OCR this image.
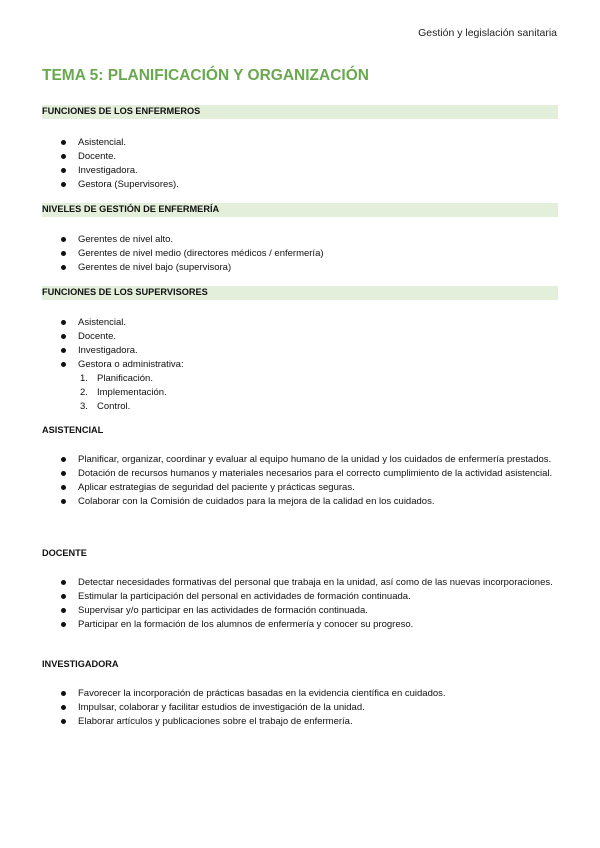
Gestión y legislación sanitaria
TEMA 5: PLANIFICACIÓN Y ORGANIZACIÓN
FUNCIONES DE LOS ENFERMEROS
Asistencial.
Docente.
Investigadora.
Gestora (Supervisores).
NIVELES DE GESTIÓN DE ENFERMERÍA
Gerentes de nivel alto.
Gerentes de nivel medio (directores médicos / enfermería)
Gerentes de nivel bajo (supervisora)
FUNCIONES DE LOS SUPERVISORES
Asistencial.
Docente.
Investigadora.
Gestora o administrativa:
1. Planificación.
2. Implementación.
3. Control.
ASISTENCIAL
Planificar, organizar, coordinar y evaluar al equipo humano de la unidad y los cuidados de enfermería prestados.
Dotación de recursos humanos y materiales necesarios para el correcto cumplimiento de la actividad asistencial.
Aplicar estrategias de seguridad del paciente y prácticas seguras.
Colaborar con la Comisión de cuidados para la mejora de la calidad en los cuidados.
DOCENTE
Detectar necesidades formativas del personal que trabaja en la unidad, así como de las nuevas incorporaciones.
Estimular la participación del personal en actividades de formación continuada.
Supervisar y/o participar en las actividades de formación continuada.
Participar en la formación de los alumnos de enfermería y conocer su progreso.
INVESTIGADORA
Favorecer la incorporación de prácticas basadas en la evidencia científica en cuidados.
Impulsar, colaborar y facilitar estudios de investigación de la unidad.
Elaborar artículos y publicaciones sobre el trabajo de enfermería.
